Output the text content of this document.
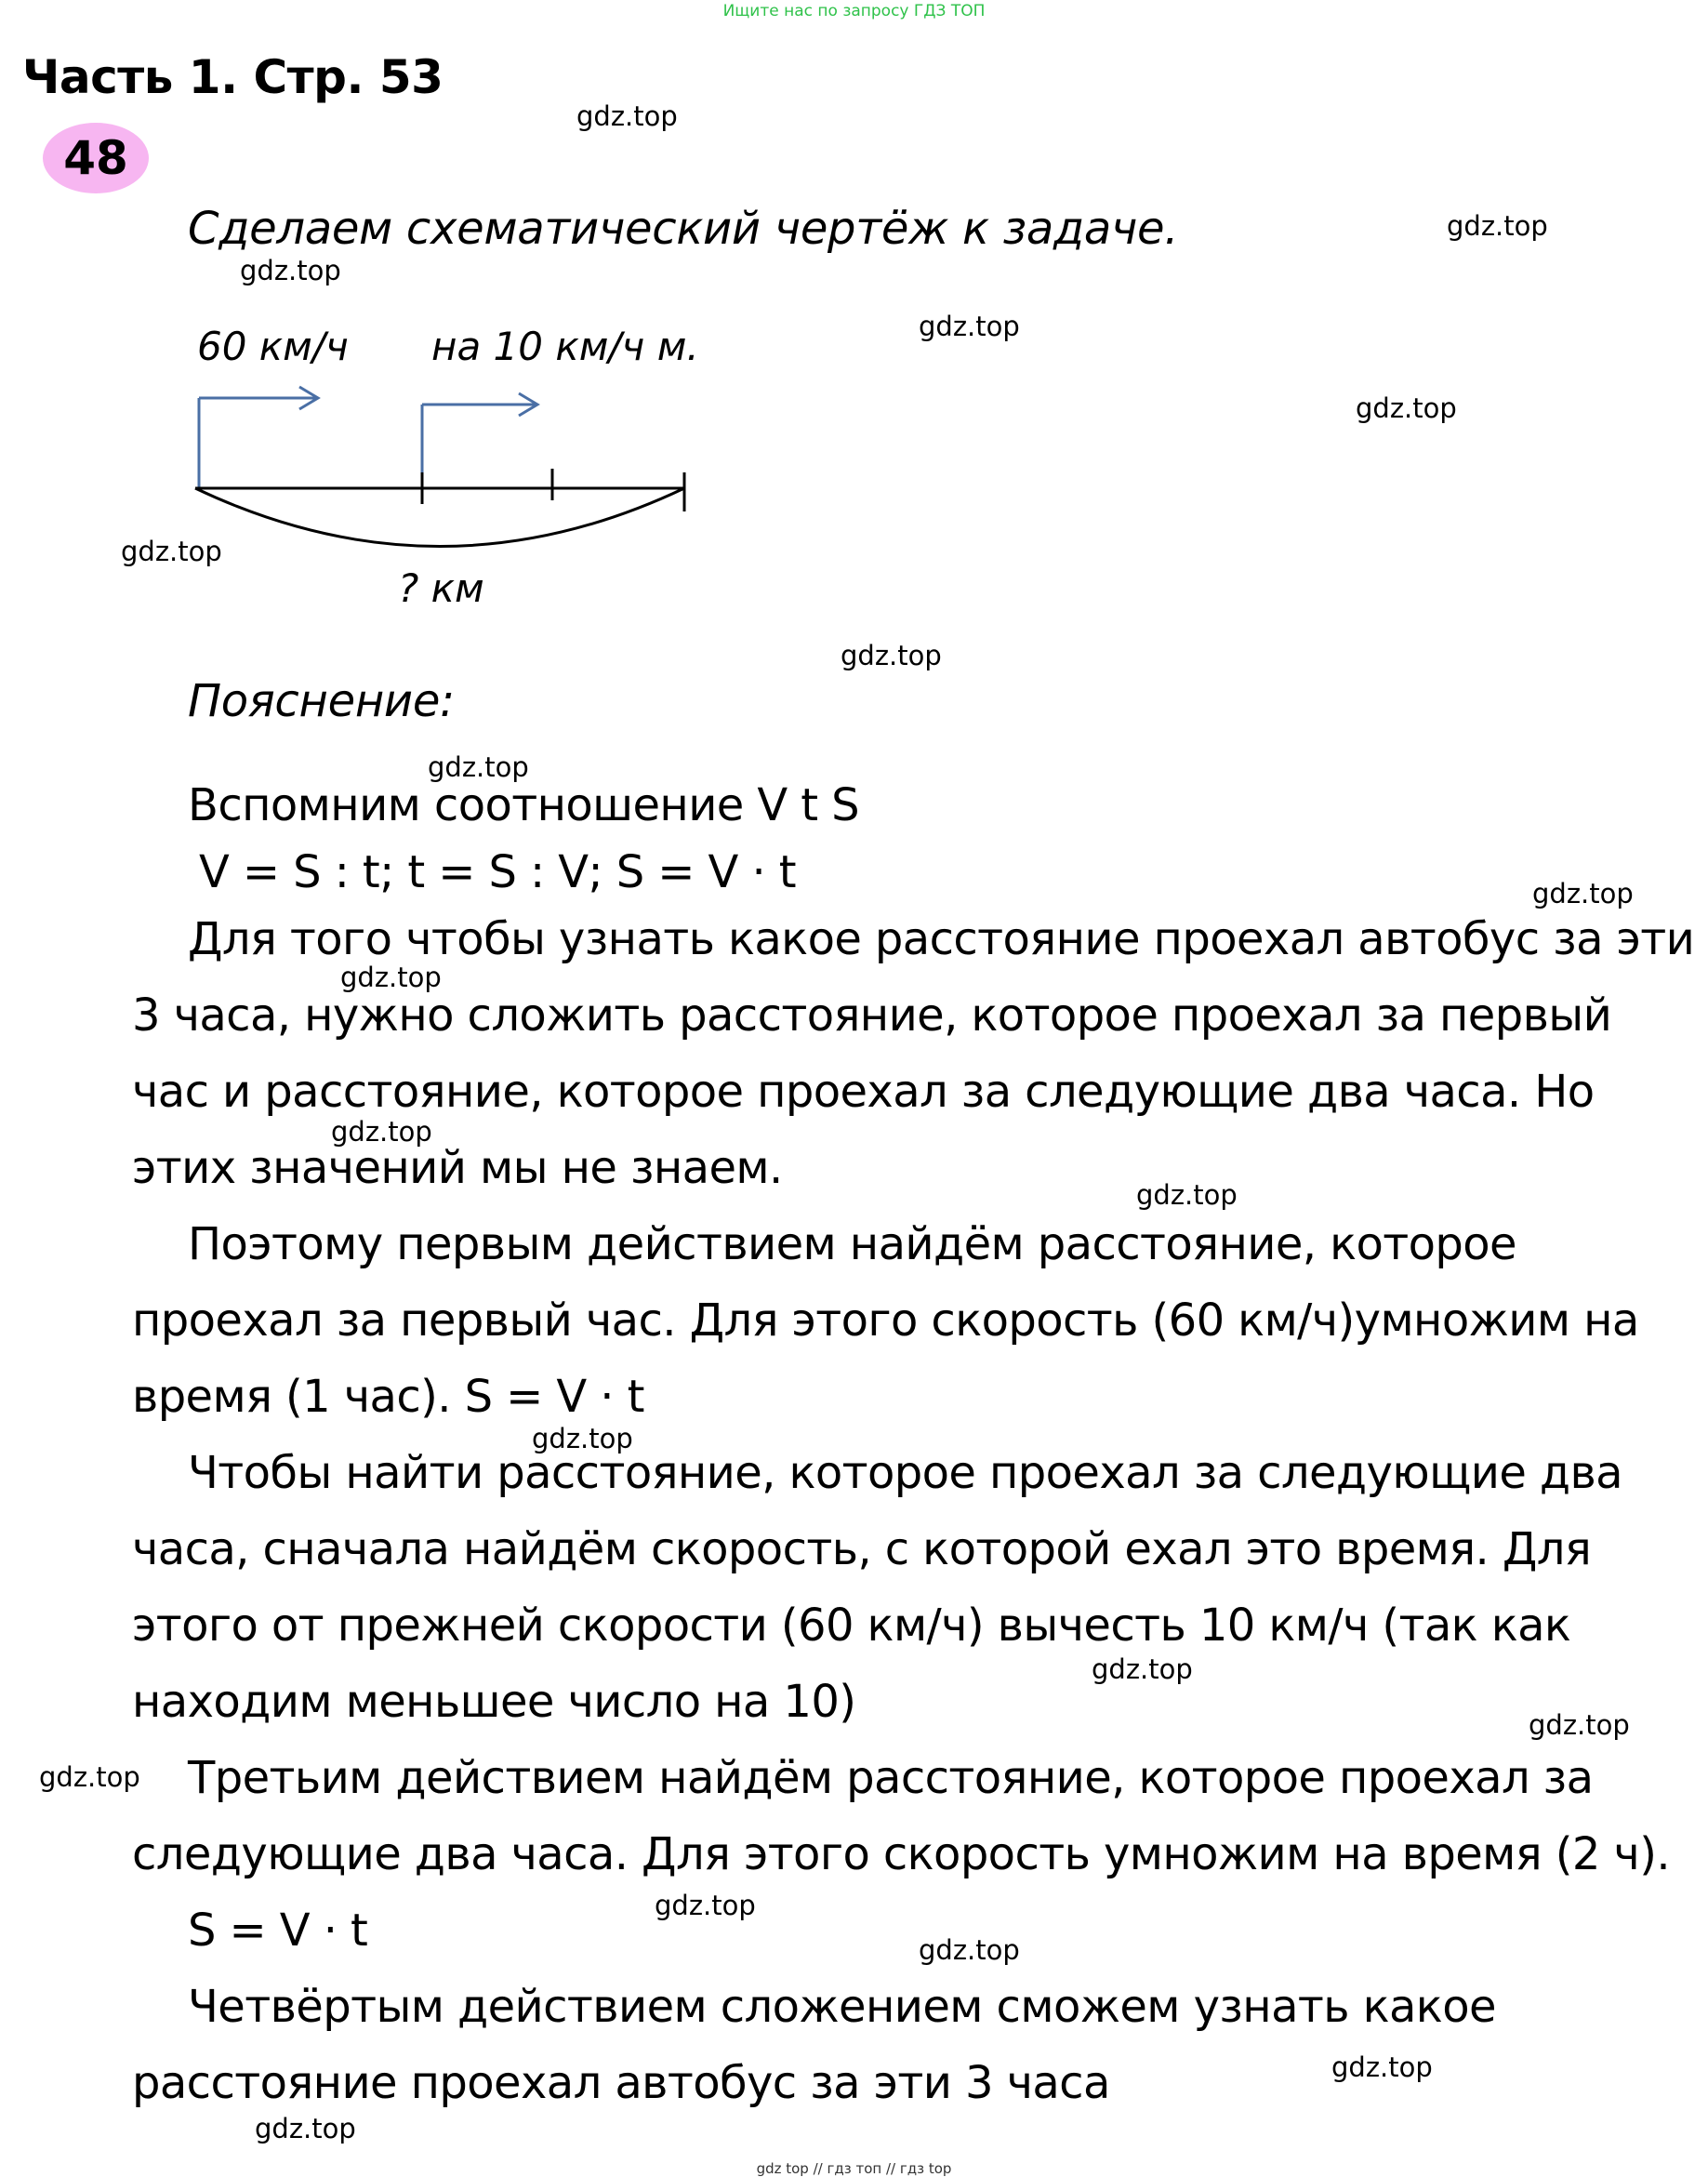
Ищите нас по запросу ГДЗ ТОП
Часть 1. Стр. 53
48
Сделаем схематический чертёж к задаче.
60 км/ч на 10 км/ч м.
? км
Пояснение:
Вспомним соотношение V t S
V = S : t; t = S : V; S = V · t
Для того чтобы узнать какое расстояние проехал автобус за эти
3 часа, нужно сложить расстояние, которое проехал за первый
час и расстояние, которое проехал за следующие два часа. Но
этих значений мы не знаем.
Поэтому первым действием найдём расстояние, которое
проехал за первый час. Для этого скорость (60 км/ч)умножим на
время (1 час). S = V · t
Чтобы найти расстояние, которое проехал за следующие два
часа, сначала найдём скорость, с которой ехал это время. Для
этого от прежней скорости (60 км/ч) вычесть 10 км/ч (так как
находим меньшее число на 10)
Третьим действием найдём расстояние, которое проехал за
следующие два часа. Для этого скорость умножим на время (2 ч).
S = V · t
Четвёртым действием сложением сможем узнать какое
расстояние проехал автобус за эти 3 часа
gdz.top
gdz.top
gdz.top
gdz.top
gdz.top
gdz.top
gdz.top
gdz.top
gdz.top
gdz.top
gdz.top
gdz.top
gdz.top
gdz.top
gdz.top
gdz.top
gdz.top
gdz.top
gdz.top
gdz.top
gdz top // гдз топ // гдз top
